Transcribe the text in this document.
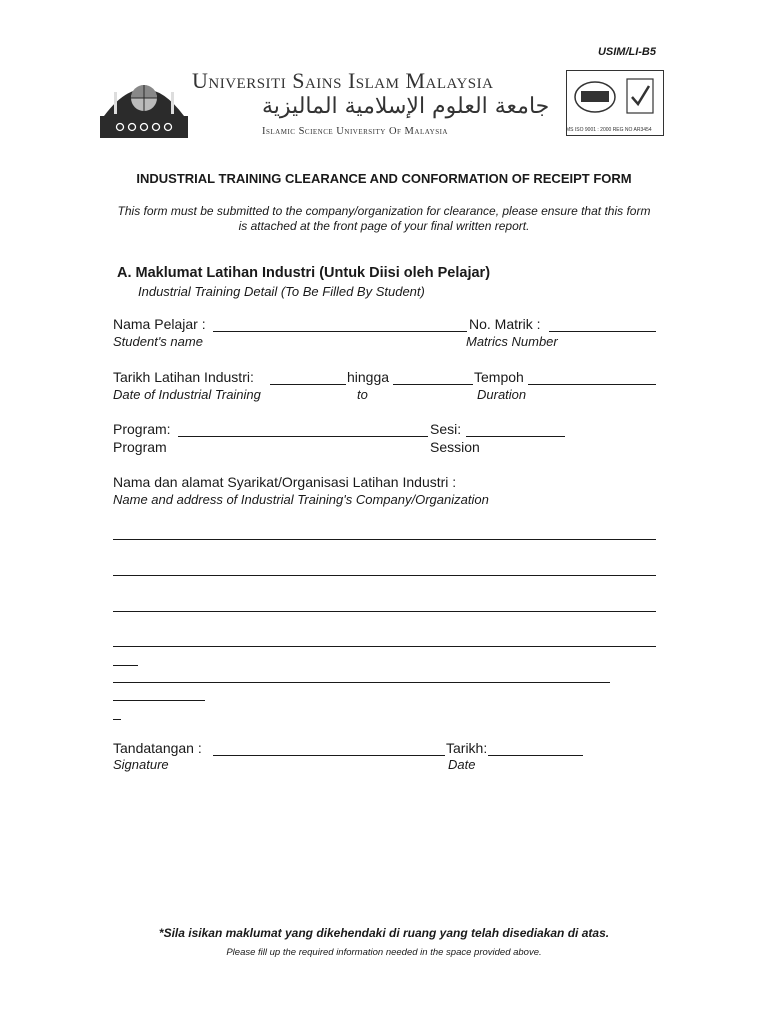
USIM/LI-B5
Universiti Sains Islam Malaysia
جامعة العلوم الإسلامية الماليزية
Islamic Science University Of Malaysia	MS ISO 9001 : 2000 REG NO AR3454
INDUSTRIAL TRAINING CLEARANCE AND CONFORMATION OF RECEIPT FORM
This form must be submitted to the company/organization for clearance, please ensure that this form is attached at the front page of your final written report.
A. Maklumat Latihan Industri (Untuk Diisi oleh Pelajar)
Industrial Training Detail (To Be Filled By Student)
Nama Pelajar :	No. Matrik :
Student's name	Matrics Number
Tarikh Latihan Industri:	hingga	Tempoh
Date of Industrial Training	to	Duration
Program:	Sesi:
Program	Session
Nama dan alamat Syarikat/Organisasi Latihan Industri :
Name and address of Industrial Training's Company/Organization
Tandatangan :	Tarikh:
Signature	Date
*Sila isikan maklumat yang dikehendaki di ruang yang telah disediakan di atas.
Please fill up the required information needed in the space provided above.
